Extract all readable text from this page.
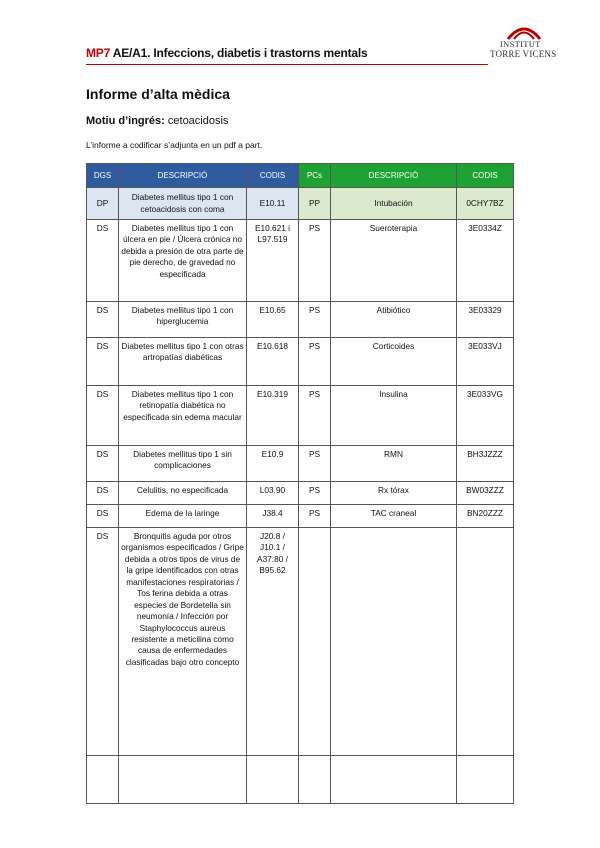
MP7 AE/A1. Infeccions, diabetis i trastorns mentals
INSTITUT
TORRE VICENS
Informe d’alta mèdica
Motiu d’ingrés: cetoacidosis
L’informe a codificar s’adjunta en un pdf a part.
DGS	DESCRIPCIÓ	CODIS	PCs	DESCRIPCIÓ	CODIS
DP	Diabetes mellitus tipo 1 con cetoacidosis con coma	E10.11	PP	Intubación	0CHY7BZ
DS	Diabetes mellitus tipo 1 con úlcera en pie / Úlcera crónica no debida a presión de otra parte de pie derecho, de gravedad no especificada	E10.621 i L97.519	PS	Sueroterapia	3E0334Z
DS	Diabetes mellitus tipo 1 con hiperglucemia	E10.65	PS	Atibiótico	3E03329
DS	Diabetes mellitus tipo 1 con otras artropatías diabéticas	E10.618	PS	Corticoides	3E033VJ
DS	Diabetes mellitus tipo 1 con retinopatía diabética no especificada sin edema macular	E10.319	PS	Insulina	3E033VG
DS	Diabetes mellitus tipo 1 sin complicaciones	E10.9	PS	RMN	BH3JZZZ
DS	Celulitis, no especificada	L03.90	PS	Rx tórax	BW03ZZZ
DS	Edema de la laringe	J38.4	PS	TAC craneal	BN20ZZZ
DS	Bronquitis aguda por otros organismos especificados / Gripe debida a otros tipos de virus de la gripe identificados con otras manifestaciones respiratorias / Tos ferina debida a otras especies de Bordetella sin neumonía / Infección por Staphylococcus aureus resistente a meticilina como causa de enfermedades clasificadas bajo otro concepto	J20.8 / J10.1 / A37.80 / B95.62			
